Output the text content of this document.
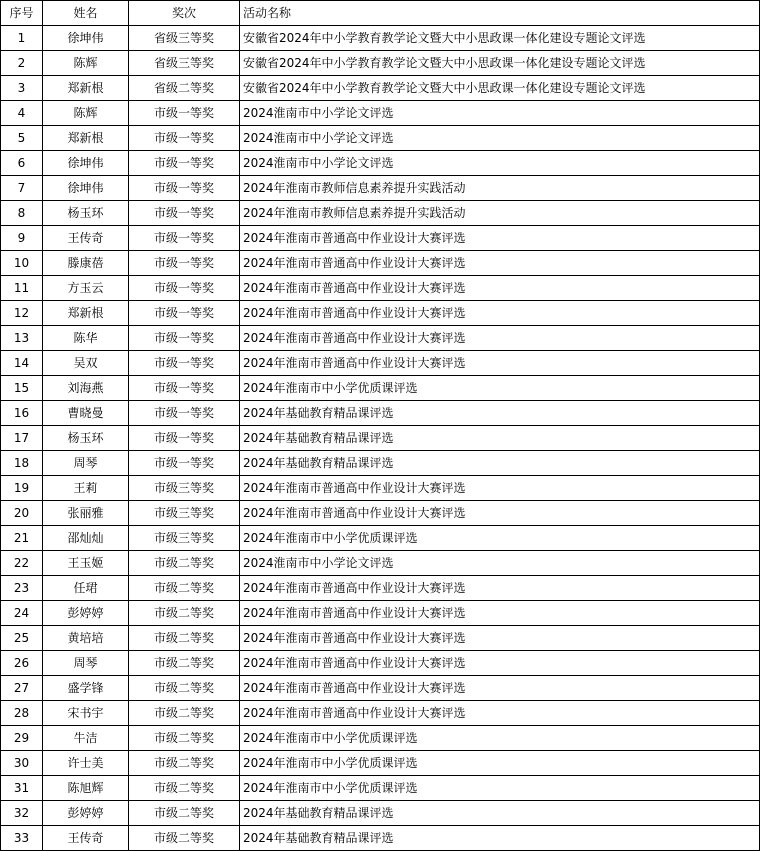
序号	姓名	奖次	活动名称
1	徐坤伟	省级三等奖	安徽省2024年中小学教育教学论文暨大中小思政课一体化建设专题论文评选
2	陈辉	省级三等奖	安徽省2024年中小学教育教学论文暨大中小思政课一体化建设专题论文评选
3	郑新根	省级二等奖	安徽省2024年中小学教育教学论文暨大中小思政课一体化建设专题论文评选
4	陈辉	市级一等奖	2024淮南市中小学论文评选
5	郑新根	市级一等奖	2024淮南市中小学论文评选
6	徐坤伟	市级一等奖	2024淮南市中小学论文评选
7	徐坤伟	市级一等奖	2024年淮南市教师信息素养提升实践活动
8	杨玉环	市级一等奖	2024年淮南市教师信息素养提升实践活动
9	王传奇	市级一等奖	2024年淮南市普通高中作业设计大赛评选
10	滕康蓓	市级一等奖	2024年淮南市普通高中作业设计大赛评选
11	方玉云	市级一等奖	2024年淮南市普通高中作业设计大赛评选
12	郑新根	市级一等奖	2024年淮南市普通高中作业设计大赛评选
13	陈华	市级一等奖	2024年淮南市普通高中作业设计大赛评选
14	吴双	市级一等奖	2024年淮南市普通高中作业设计大赛评选
15	刘海燕	市级一等奖	2024年淮南市中小学优质课评选
16	曹晓曼	市级一等奖	2024年基础教育精品课评选
17	杨玉环	市级一等奖	2024年基础教育精品课评选
18	周琴	市级一等奖	2024年基础教育精品课评选
19	王莉	市级三等奖	2024年淮南市普通高中作业设计大赛评选
20	张丽雅	市级三等奖	2024年淮南市普通高中作业设计大赛评选
21	邵灿灿	市级三等奖	2024年淮南市中小学优质课评选
22	王玉姬	市级二等奖	2024淮南市中小学论文评选
23	任珺	市级二等奖	2024年淮南市普通高中作业设计大赛评选
24	彭婷婷	市级二等奖	2024年淮南市普通高中作业设计大赛评选
25	黄培培	市级二等奖	2024年淮南市普通高中作业设计大赛评选
26	周琴	市级二等奖	2024年淮南市普通高中作业设计大赛评选
27	盛学锋	市级二等奖	2024年淮南市普通高中作业设计大赛评选
28	宋书宇	市级二等奖	2024年淮南市普通高中作业设计大赛评选
29	牛洁	市级二等奖	2024年淮南市中小学优质课评选
30	许士美	市级二等奖	2024年淮南市中小学优质课评选
31	陈旭辉	市级二等奖	2024年淮南市中小学优质课评选
32	彭婷婷	市级二等奖	2024年基础教育精品课评选
33	王传奇	市级二等奖	2024年基础教育精品课评选
